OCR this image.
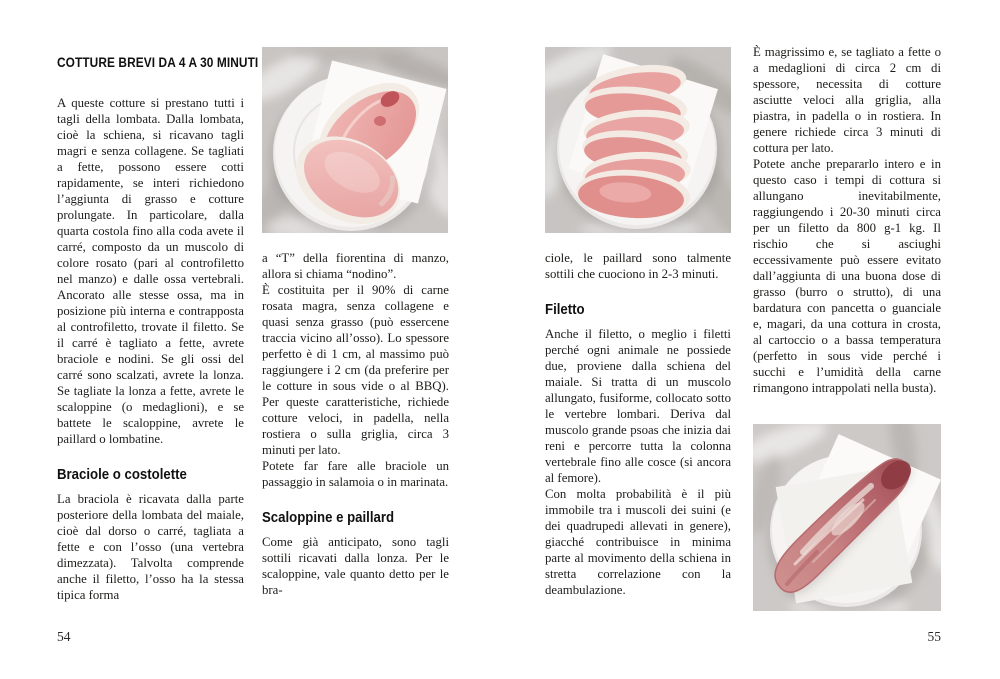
COTTURE BREVI DA 4 A 30 MINUTI

A queste cotture si prestano tutti i tagli della lombata. Dalla lombata, cioè la schiena, si ricavano tagli magri e senza collagene. Se tagliati a fette, possono essere cotti rapidamente, se interi richiedono l’aggiunta di grasso e cotture prolungate. In particolare, dalla quarta costola fino alla coda avete il carré, composto da un muscolo di colore rosato (pari al controfiletto nel manzo) e dalle ossa vertebrali. Ancorato alle stesse ossa, ma in posizione più interna e contrapposta al controfiletto, trovate il filetto. Se il carré è tagliato a fette, avrete braciole e nodini. Se gli ossi del carré sono scalzati, avrete la lonza. Se tagliate la lonza a fette, avrete le scaloppine (o medaglioni), e se battete le scaloppine, avrete le paillard o lombatine.

Braciole o costolette

La braciola è ricavata dalla parte posteriore della lombata del maiale, cioè dal dorso o carré, tagliata a fette e con l’osso (una vertebra dimezzata). Talvolta comprende anche il filetto, l’osso ha la stessa tipica forma

a “T” della fiorentina di manzo, allora si chiama “nodino”.

È costituita per il 90% di carne rosata magra, senza collagene e quasi senza grasso (può essercene traccia vicino all’osso). Lo spessore perfetto è di 1 cm, al massimo può raggiungere i 2 cm (da preferire per le cotture in sous vide o al BBQ). Per queste caratteristiche, richiede cotture veloci, in padella, nella rostiera o sulla griglia, circa 3 minuti per lato.

Potete far fare alle braciole un passaggio in salamoia o in marinata.

Scaloppine e paillard

Come già anticipato, sono tagli sottili ricavati dalla lonza. Per le scaloppine, vale quanto detto per le bra-

54

ciole, le paillard sono talmente sottili che cuociono in 2-3 minuti.

Filetto

Anche il filetto, o meglio i filetti perché ogni animale ne possiede due, proviene dalla schiena del maiale. Si tratta di un muscolo allungato, fusiforme, collocato sotto le vertebre lombari. Deriva dal muscolo grande psoas che inizia dai reni e percorre tutta la colonna vertebrale fino alle cosce (si ancora al femore).

Con molta probabilità è il più immobile tra i muscoli dei suini (e dei quadrupedi allevati in genere), giacché contribuisce in minima parte al movimento della schiena in stretta correlazione con la deambulazione.

È magrissimo e, se tagliato a fette o a medaglioni di circa 2 cm di spessore, necessita di cotture asciutte veloci alla griglia, alla piastra, in padella o in rostiera. In genere richiede circa 3 minuti di cottura per lato.

Potete anche prepararlo intero e in questo caso i tempi di cottura si allungano inevitabilmente, raggiungendo i 20-30 minuti circa per un filetto da 800 g-1 kg. Il rischio che si asciughi eccessivamente può essere evitato dall’aggiunta di una buona dose di grasso (burro o strutto), di una bardatura con pancetta o guanciale e, magari, da una cottura in crosta, al cartoccio o a bassa temperatura (perfetto in sous vide perché i succhi e l’umidità della carne rimangono intrappolati nella busta).

55
